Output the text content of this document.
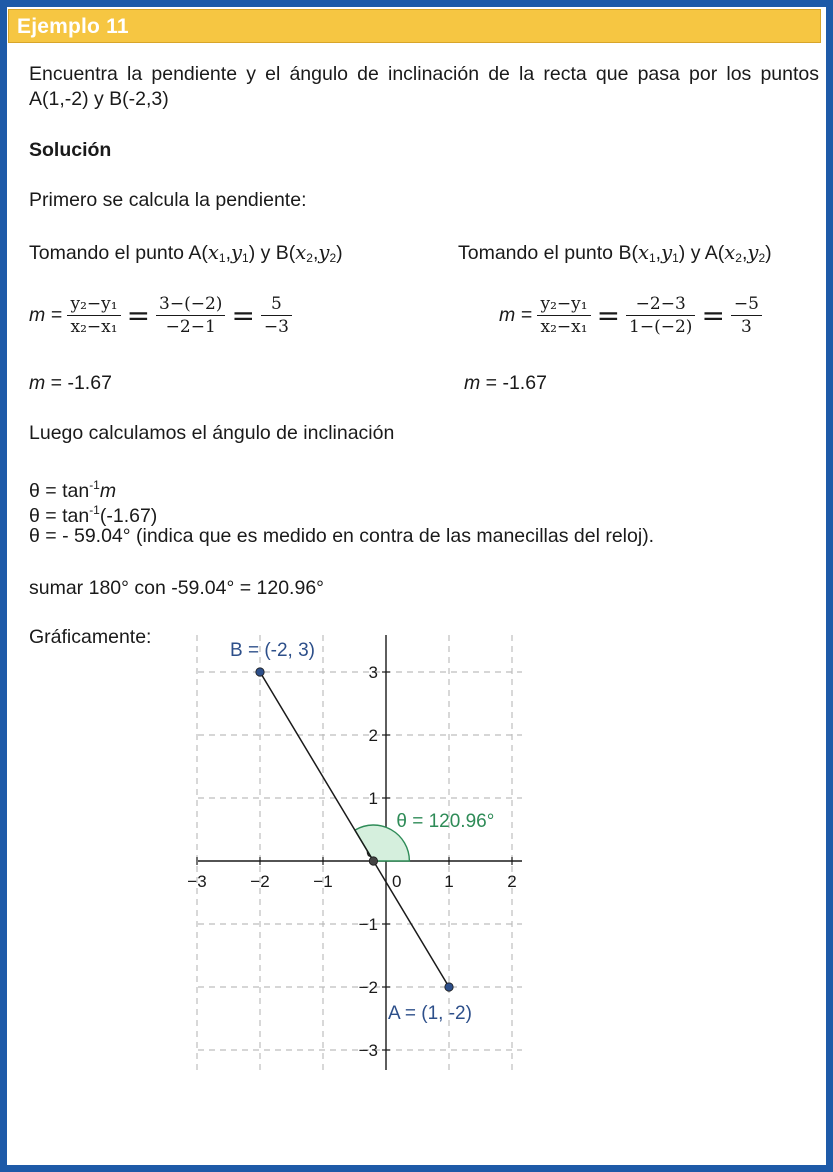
Ejemplo 11
Encuentra la pendiente y el ángulo de inclinación de la recta que pasa por los puntos A(1,-2) y B(-2,3)
Solución
Primero se calcula la pendiente:
Tomando el punto $A(x_1,y_1)$ y $B(x_2,y_2)$	Tomando el punto $B(x_1,y_1)$ y $A(x_2,y_2)$
$m = \frac{\text{y₂−y₁}}{\text{x₂−x₁}} = \frac{3-(-2)}{-2-1} = \frac{5}{-3}$	$m = \frac{\text{y₂−y₁}}{\text{x₂−x₁}} = \frac{-2-3}{1-(-2)} = \frac{-5}{3}$
m = -1.67	m = -1.67
Luego calculamos el ángulo de inclinación
$\theta = \tan^{-1}m$
$\theta = \tan^{-1}(-1.67)$
θ = - 59.04° (indica que es medido en contra de las manecillas del reloj).
sumar 180° con -59.04° = 120.96°
Gráficamente:
−3	−2	−1	0	1	2
3
2
1
−1
−2
−3
θ = 120.96°
B = (-2, 3)
A = (1, -2)
